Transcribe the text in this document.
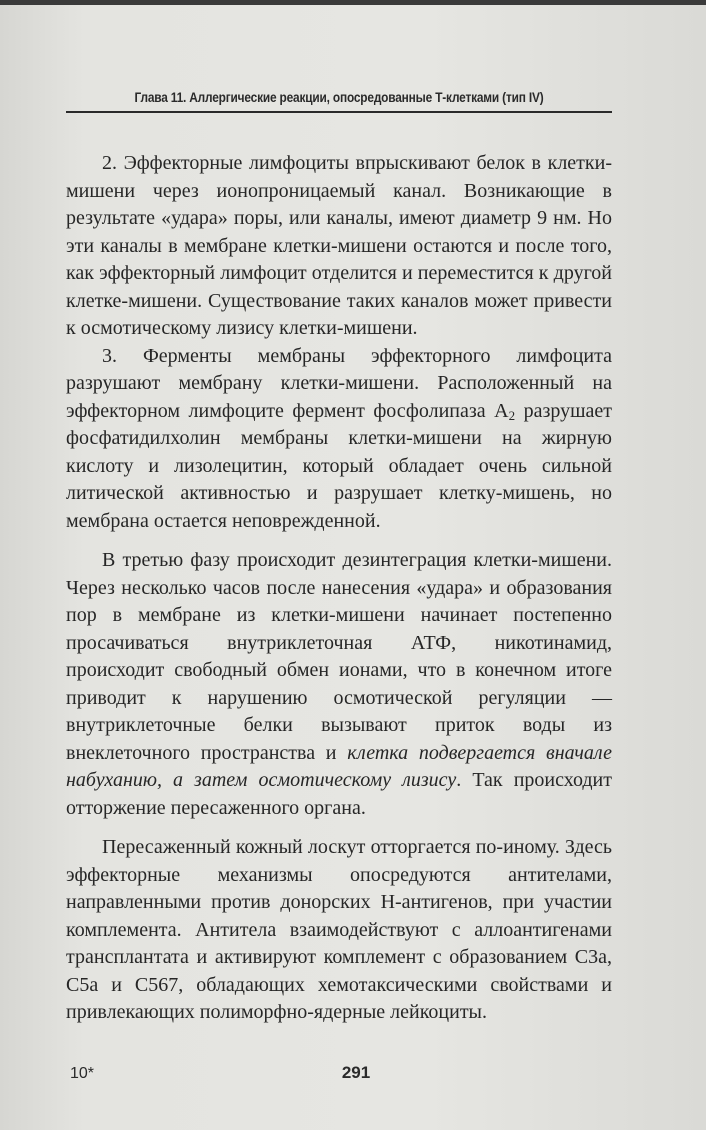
Глава 11. Аллергические реакции, опосредованные Т-клетками (тип IV)

2. Эффекторные лимфоциты впрыскивают белок в клетки-мишени через ионопроницаемый канал. Возникающие в результате «удара» поры, или каналы, имеют диаметр 9 нм. Но эти каналы в мембране клетки-мишени остаются и после того, как эффекторный лимфоцит отделится и переместится к другой клетке-мишени. Существование таких каналов может привести к осмотическому лизису клетки-мишени.

3. Ферменты мембраны эффекторного лимфоцита разрушают мембрану клетки-мишени. Расположенный на эффекторном лимфоците фермент фосфолипаза $А_2$ разрушает фосфатидилхолин мембраны клетки-мишени на жирную кислоту и лизолецитин, который обладает очень сильной литической активностью и разрушает клетку-мишень, но мембрана остается неповрежденной.

В третью фазу происходит дезинтеграция клетки-мишени. Через несколько часов после нанесения «удара» и образования пор в мембране из клетки-мишени начинает постепенно просачиваться внутриклеточная АТФ, никотинамид, происходит свободный обмен ионами, что в конечном итоге приводит к нарушению осмотической регуляции — внутриклеточные белки вызывают приток воды из внеклеточного пространства и клетка подвергается вначале набуханию, а затем осмотическому лизису. Так происходит отторжение пересаженного органа.

Пересаженный кожный лоскут отторгается по-иному. Здесь эффекторные механизмы опосредуются антителами, направленными против донорских Н-антигенов, при участии комплемента. Антитела взаимодействуют с аллоантигенами трансплантата и активируют комплемент с образованием С3а, С5а и С567, обладающих хемотаксическими свойствами и привлекающих полиморфно-ядерные лейкоциты.

10*	291
